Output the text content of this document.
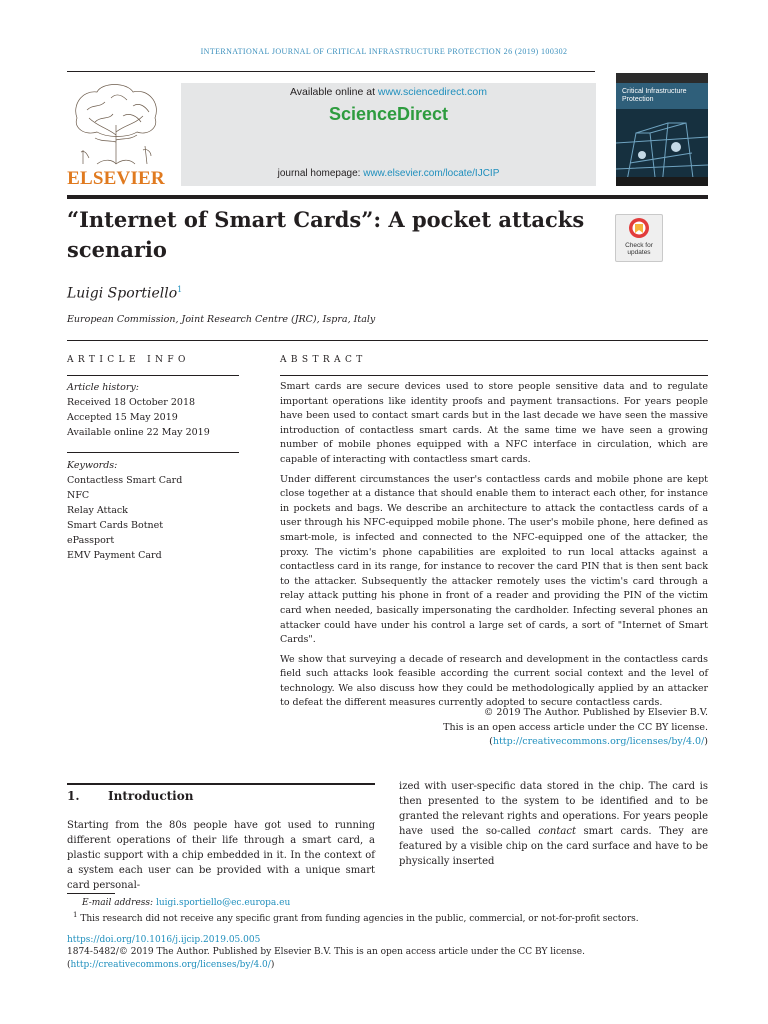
INTERNATIONAL JOURNAL OF CRITICAL INFRASTRUCTURE PROTECTION 26 (2019) 100302
ELSEVIER
Available online at www.sciencedirect.com
ScienceDirect
journal homepage: www.elsevier.com/locate/IJCIP
Critical Infrastructure Protection
“Internet of Smart Cards”: A pocket attacks
scenario	Check for updates
Luigi Sportiello$^1$
European Commission, Joint Research Centre (JRC), Ispra, Italy
ARTICLE INFO	ABSTRACT
Article history:
Received 18 October 2018
Accepted 15 May 2019
Available online 22 May 2019
Keywords:
Contactless Smart Card
NFC
Relay Attack
Smart Cards Botnet
ePassport
EMV Payment Card

Smart cards are secure devices used to store people sensitive data and to regulate important operations like identity proofs and payment transactions. For years people have been used to contact smart cards but in the last decade we have seen the massive introduction of contactless smart cards. At the same time we have seen a growing number of mobile phones equipped with a NFC interface in circulation, which are capable of interacting with contactless smart cards.

Under different circumstances the user's contactless cards and mobile phone are kept close together at a distance that should enable them to interact each other, for instance in pockets and bags. We describe an architecture to attack the contactless cards of a user through his NFC-equipped mobile phone. The user's mobile phone, here defined as smart-mole, is infected and connected to the NFC-equipped one of the attacker, the proxy. The victim's phone capabilities are exploited to run local attacks against a contactless card in its range, for instance to recover the card PIN that is then sent back to the attacker. Subsequently the attacker remotely uses the victim's card through a relay attack putting his phone in front of a reader and providing the PIN of the victim card when needed, basically impersonating the cardholder. Infecting several phones an attacker could have under his control a large set of cards, a sort of "Internet of Smart Cards".

We show that surveying a decade of research and development in the contactless cards field such attacks look feasible according the current social context and the level of technology. We also discuss how they could be methodologically applied by an attacker to defeat the different measures currently adopted to secure contactless cards.

© 2019 The Author. Published by Elsevier B.V.
This is an open access article under the CC BY license.
(http://creativecommons.org/licenses/by/4.0/)
1. Introduction
Starting from the 80s people have got used to running different operations of their life through a smart card, a plastic support with a chip embedded in it. In the context of a system each user can be provided with a unique smart card personal-
ized with user-specific data stored in the chip. The card is then presented to the system to be identified and to be granted the relevant rights and operations. For years people have used the so-called contact smart cards. They are featured by a visible chip on the card surface and have to be physically inserted
E-mail address: luigi.sportiello@ec.europa.eu
$^1$ This research did not receive any specific grant from funding agencies in the public, commercial, or not-for-profit sectors.
https://doi.org/10.1016/j.ijcip.2019.05.005
1874-5482/© 2019 The Author. Published by Elsevier B.V. This is an open access article under the CC BY license.
(http://creativecommons.org/licenses/by/4.0/)
